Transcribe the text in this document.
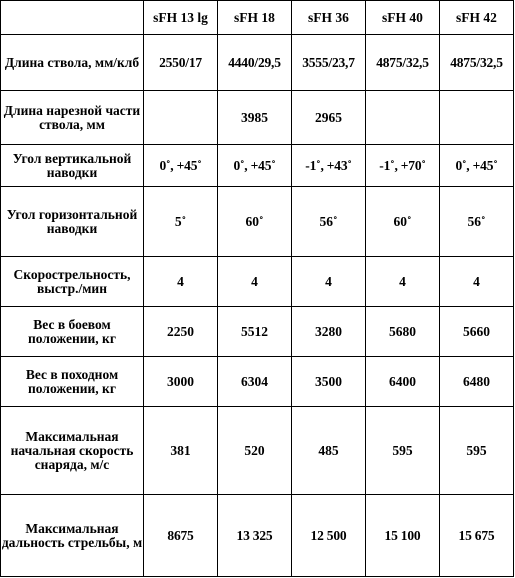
	sFH 13 lg	sFH 18	sFH 36	sFH 40	sFH 42
Длина ствола, мм/клб	2550/17	4440/29,5	3555/23,7	4875/32,5	4875/32,5
Длина нарезной части ствола, мм		3985	2965		
Угол вертикальной наводки	0˚, +45˚	0˚, +45˚	-1˚, +43˚	-1˚, +70˚	0˚, +45˚
Угол горизонтальной наводки	5˚	60˚	56˚	60˚	56˚
Скорострельность, выстр./мин	4	4	4	4	4
Вес в боевом положении, кг	2250	5512	3280	5680	5660
Вес в походном положении, кг	3000	6304	3500	6400	6480
Максимальная начальная скорость снаряда, м/с	381	520	485	595	595
Максимальная дальность стрельбы, м	8675	13 325	12 500	15 100	15 675
